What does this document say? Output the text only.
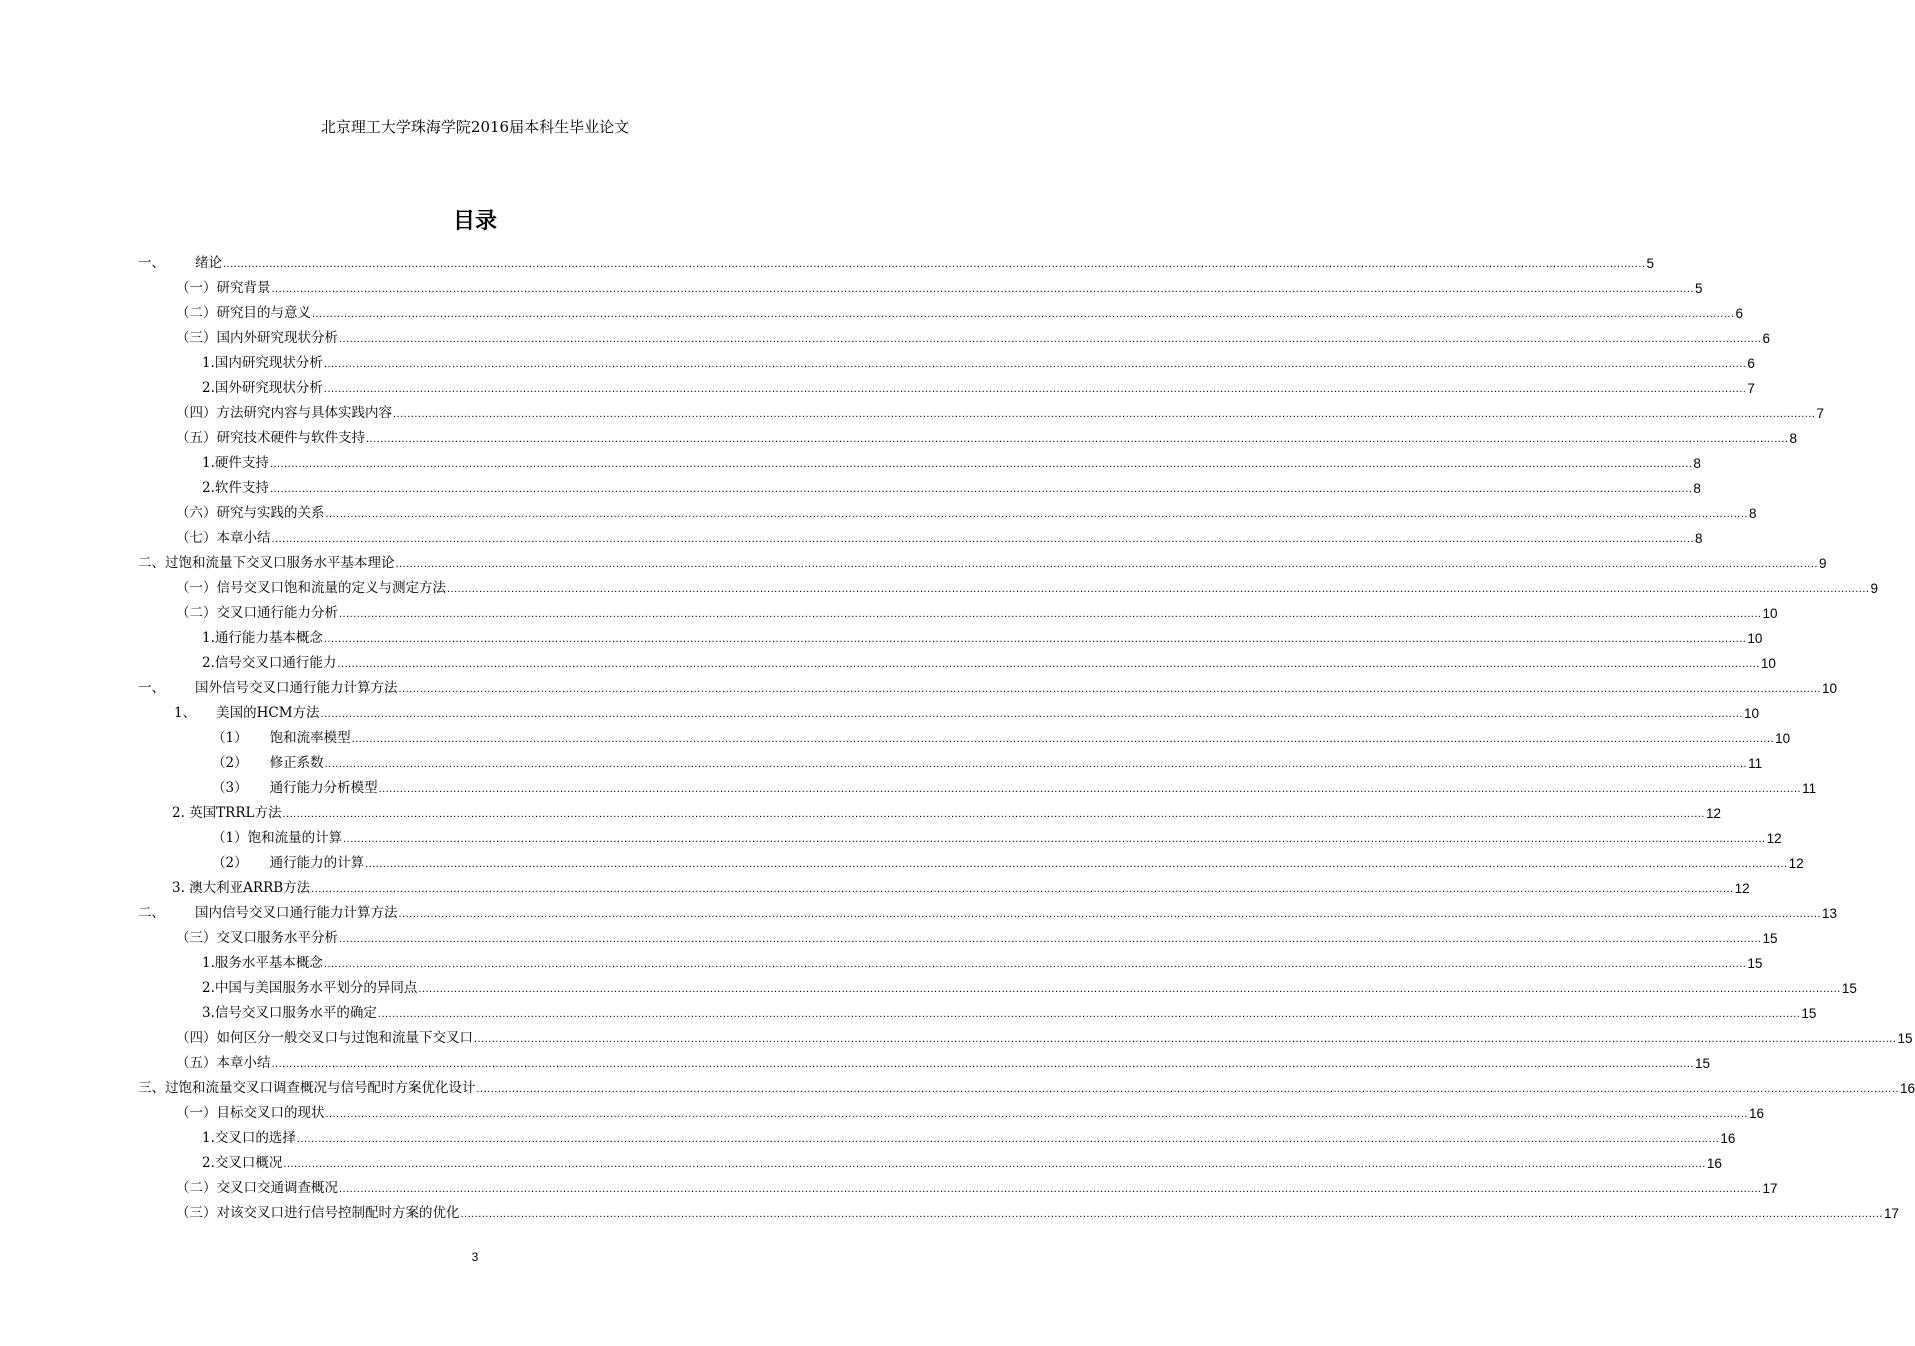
北京理工大学珠海学院2016届本科生毕业论文
目录
一、 绪论 ................................................................................................................................................................................................................................................................................................................................................................................................................ 5
（一）研究背景 ................................................................................................................................................................................................................................................................................................................................................................................................................ 5
（二）研究目的与意义 ................................................................................................................................................................................................................................................................................................................................................................................................................ 6
（三）国内外研究现状分析 ................................................................................................................................................................................................................................................................................................................................................................................................................ 6
1.国内研究现状分析 ................................................................................................................................................................................................................................................................................................................................................................................................................ 6
2.国外研究现状分析 ................................................................................................................................................................................................................................................................................................................................................................................................................ 7
（四）方法研究内容与具体实践内容 ................................................................................................................................................................................................................................................................................................................................................................................................................ 7
（五）研究技术硬件与软件支持 ................................................................................................................................................................................................................................................................................................................................................................................................................ 8
1.硬件支持 ................................................................................................................................................................................................................................................................................................................................................................................................................ 8
2.软件支持 ................................................................................................................................................................................................................................................................................................................................................................................................................ 8
（六）研究与实践的关系 ................................................................................................................................................................................................................................................................................................................................................................................................................ 8
（七）本章小结 ................................................................................................................................................................................................................................................................................................................................................................................................................ 8
二、过饱和流量下交叉口服务水平基本理论 ................................................................................................................................................................................................................................................................................................................................................................................................................ 9
（一）信号交叉口饱和流量的定义与测定方法 ................................................................................................................................................................................................................................................................................................................................................................................................................ 9
（二）交叉口通行能力分析 ................................................................................................................................................................................................................................................................................................................................................................................................................ 10
1.通行能力基本概念 ................................................................................................................................................................................................................................................................................................................................................................................................................ 10
2.信号交叉口通行能力 ................................................................................................................................................................................................................................................................................................................................................................................................................ 10
一、 国外信号交叉口通行能力计算方法 ................................................................................................................................................................................................................................................................................................................................................................................................................ 10
1、 美国的HCM方法 ................................................................................................................................................................................................................................................................................................................................................................................................................ 10
（1） 饱和流率模型 ................................................................................................................................................................................................................................................................................................................................................................................................................ 10
（2） 修正系数 ................................................................................................................................................................................................................................................................................................................................................................................................................ 11
（3） 通行能力分析模型 ................................................................................................................................................................................................................................................................................................................................................................................................................ 11
2. 英国TRRL方法 ................................................................................................................................................................................................................................................................................................................................................................................................................ 12
（1）饱和流量的计算 ................................................................................................................................................................................................................................................................................................................................................................................................................ 12
（2） 通行能力的计算 ................................................................................................................................................................................................................................................................................................................................................................................................................ 12
3. 澳大利亚ARRB方法 ................................................................................................................................................................................................................................................................................................................................................................................................................ 12
二、 国内信号交叉口通行能力计算方法 ................................................................................................................................................................................................................................................................................................................................................................................................................ 13
（三）交叉口服务水平分析 ................................................................................................................................................................................................................................................................................................................................................................................................................ 15
1.服务水平基本概念 ................................................................................................................................................................................................................................................................................................................................................................................................................ 15
2.中国与美国服务水平划分的异同点 ................................................................................................................................................................................................................................................................................................................................................................................................................ 15
3.信号交叉口服务水平的确定 ................................................................................................................................................................................................................................................................................................................................................................................................................ 15
（四）如何区分一般交叉口与过饱和流量下交叉口 ................................................................................................................................................................................................................................................................................................................................................................................................................ 15
（五）本章小结 ................................................................................................................................................................................................................................................................................................................................................................................................................ 15
三、过饱和流量交叉口调查概况与信号配时方案优化设计 ................................................................................................................................................................................................................................................................................................................................................................................................................ 16
（一）目标交叉口的现状 ................................................................................................................................................................................................................................................................................................................................................................................................................ 16
1.交叉口的选择 ................................................................................................................................................................................................................................................................................................................................................................................................................ 16
2.交叉口概况 ................................................................................................................................................................................................................................................................................................................................................................................................................ 16
（二）交叉口交通调查概况 ................................................................................................................................................................................................................................................................................................................................................................................................................ 17
（三）对该交叉口进行信号控制配时方案的优化 ................................................................................................................................................................................................................................................................................................................................................................................................................ 17
3
